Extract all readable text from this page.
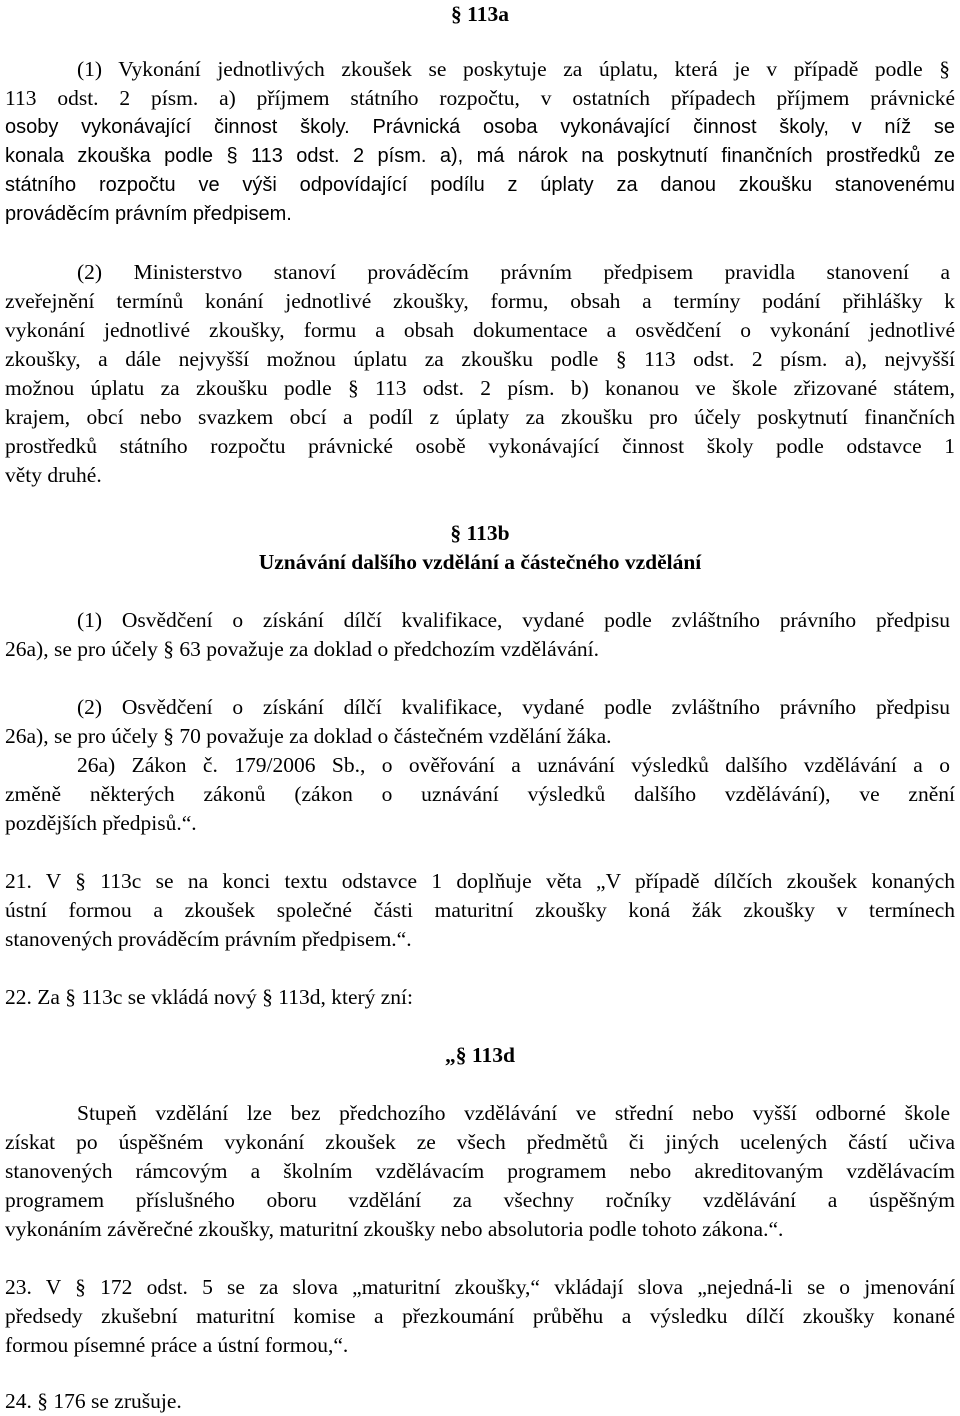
§ 113a
(1) Vykonání jednotlivých zkoušek se poskytuje za úplatu, která je v případě podle §
113 odst. 2 písm. a) příjmem státního rozpočtu, v ostatních případech příjmem právnické
osoby vykonávající činnost školy. Právnická osoba vykonávající činnost školy, v níž se
konala zkouška podle § 113 odst. 2 písm. a), má nárok na poskytnutí finančních prostředků ze
státního rozpočtu ve výši odpovídající podílu z úplaty za danou zkoušku stanovenému
prováděcím právním předpisem.
(2) Ministerstvo stanoví prováděcím právním předpisem pravidla stanovení a
zveřejnění termínů konání jednotlivé zkoušky, formu, obsah a termíny podání přihlášky k
vykonání jednotlivé zkoušky, formu a obsah dokumentace a osvědčení o vykonání jednotlivé
zkoušky, a dále nejvyšší možnou úplatu za zkoušku podle § 113 odst. 2 písm. a), nejvyšší
možnou úplatu za zkoušku podle § 113 odst. 2 písm. b) konanou ve škole zřizované státem,
krajem, obcí nebo svazkem obcí a podíl z úplaty za zkoušku pro účely poskytnutí finančních
prostředků státního rozpočtu právnické osobě vykonávající činnost školy podle odstavce 1
věty druhé.
§ 113b
Uznávání dalšího vzdělání a částečného vzdělání
(1) Osvědčení o získání dílčí kvalifikace, vydané podle zvláštního právního předpisu
26a), se pro účely § 63 považuje za doklad o předchozím vzdělávání.
(2) Osvědčení o získání dílčí kvalifikace, vydané podle zvláštního právního předpisu
26a), se pro účely § 70 považuje za doklad o částečném vzdělání žáka.
26a) Zákon č. 179/2006 Sb., o ověřování a uznávání výsledků dalšího vzdělávání a o
změně některých zákonů (zákon o uznávání výsledků dalšího vzdělávání), ve znění
pozdějších předpisů.“.
21. V § 113c se na konci textu odstavce 1 doplňuje věta „V případě dílčích zkoušek konaných
ústní formou a zkoušek společné části maturitní zkoušky koná žák zkoušky v termínech
stanovených prováděcím právním předpisem.“.
22. Za § 113c se vkládá nový § 113d, který zní:
„§ 113d
Stupeň vzdělání lze bez předchozího vzdělávání ve střední nebo vyšší odborné škole
získat po úspěšném vykonání zkoušek ze všech předmětů či jiných ucelených částí učiva
stanovených rámcovým a školním vzdělávacím programem nebo akreditovaným vzdělávacím
programem příslušného oboru vzdělání za všechny ročníky vzdělávání a úspěšným
vykonáním závěrečné zkoušky, maturitní zkoušky nebo absolutoria podle tohoto zákona.“.
23. V § 172 odst. 5 se za slova „maturitní zkoušky,“ vkládají slova „nejedná-li se o jmenování
předsedy zkušební maturitní komise a přezkoumání průběhu a výsledku dílčí zkoušky konané
formou písemné práce a ústní formou,“.
24. § 176 se zrušuje.
